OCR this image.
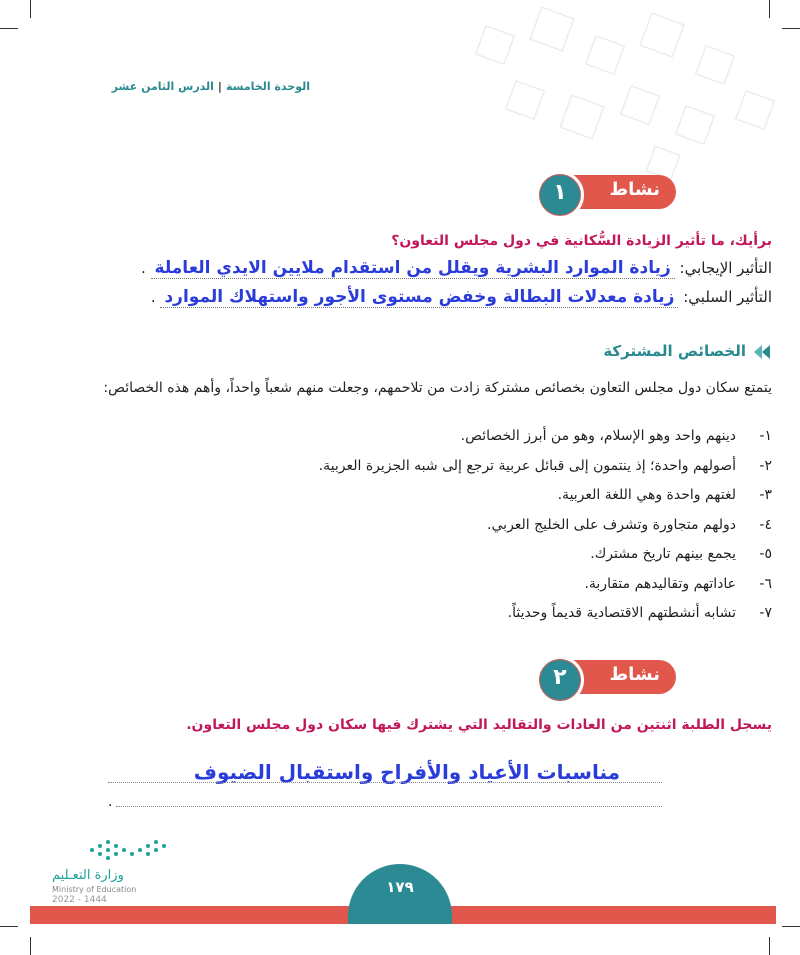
الوحدة الخامسة|الدرس الثامن عشر
نشاط
١
برأيك، ما تأثير الزيادة السُّكانية في دول مجلس التعاون؟
التأثير الإيجابي: زيادة الموارد البشرية ويقلل من استقدام ملايين الايدي العاملة .
التأثير السلبي: زيادة معدلات البطالة وخفض مستوى الأجور واستهلاك الموارد .
الخصائص المشتركة
يتمتع سكان دول مجلس التعاون بخصائص مشتركة زادت من تلاحمهم، وجعلت منهم شعباً واحداً، وأهم هذه الخصائص:
١-دينهم واحد وهو الإسلام، وهو من أبرز الخصائص.
٢-أصولهم واحدة؛ إذ ينتمون إلى قبائل عربية ترجع إلى شبه الجزيرة العربية.
٣-لغتهم واحدة وهي اللغة العربية.
٤-دولهم متجاورة وتشرف على الخليج العربي.
٥-يجمع بينهم تاريخ مشترك.
٦-عاداتهم وتقاليدهم متقاربة.
٧-تشابه أنشطتهم الاقتصادية قديماً وحديثاً.
نشاط
٢
يسجل الطلبة اثنتين من العادات والتقاليد التي يشترك فيها سكان دول مجلس التعاون.
مناسبات الأعياد والأفراح واستقبال الضيوف
.
وزارة التعـليم
Ministry of Education
2022 - 1444
١٧٩
